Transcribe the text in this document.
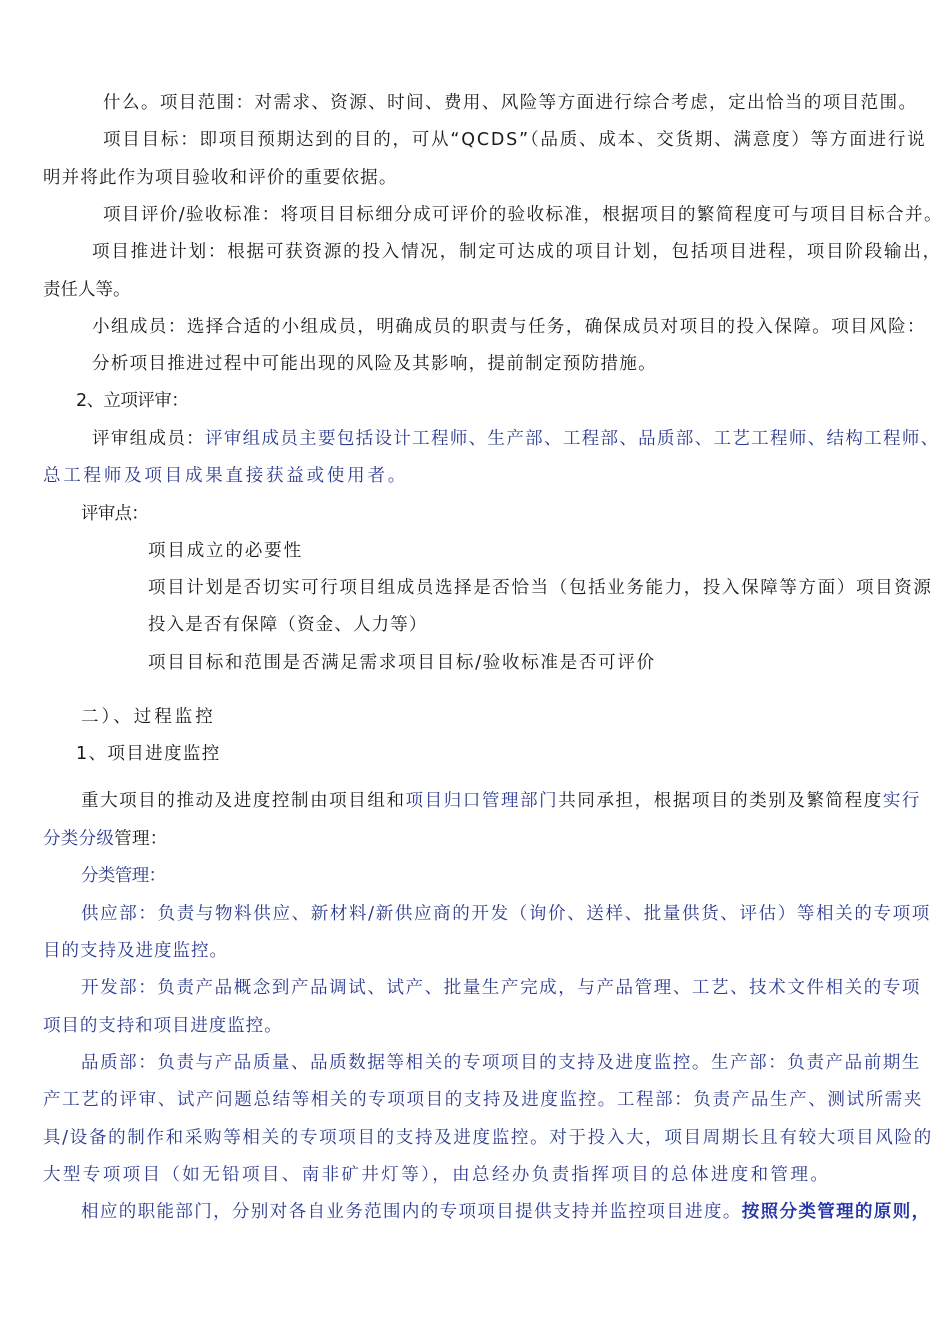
什么。项目范围：对需求、资源、时间、费用、风险等方面进行综合考虑，定出恰当的项目范围。
项目目标：即项目预期达到的目的，可从“QCDS”（品质、成本、交货期、满意度）等方面进行说
明并将此作为项目验收和评价的重要依据。
项目评价/验收标准：将项目目标细分成可评价的验收标准，根据项目的繁简程度可与项目目标合并。
项目推进计划：根据可获资源的投入情况，制定可达成的项目计划，包括项目进程，项目阶段输出，
责任人等。
小组成员：选择合适的小组成员，明确成员的职责与任务，确保成员对项目的投入保障。项目风险：
分析项目推进过程中可能出现的风险及其影响，提前制定预防措施。
2、立项评审：
评审组成员：评审组成员主要包括设计工程师、生产部、工程部、品质部、工艺工程师、结构工程师、
总工程师及项目成果直接获益或使用者。
评审点：
项目成立的必要性
项目计划是否切实可行项目组成员选择是否恰当（包括业务能力，投入保障等方面）项目资源
投入是否有保障（资金、人力等）
项目目标和范围是否满足需求项目目标/验收标准是否可评价
二）、过程监控
1、项目进度监控
重大项目的推动及进度控制由项目组和项目归口管理部门共同承担，根据项目的类别及繁简程度实行
分类分级管理：
分类管理：
供应部：负责与物料供应、新材料/新供应商的开发（询价、送样、批量供货、评估）等相关的专项项
目的支持及进度监控。
开发部：负责产品概念到产品调试、试产、批量生产完成，与产品管理、工艺、技术文件相关的专项
项目的支持和项目进度监控。
品质部：负责与产品质量、品质数据等相关的专项项目的支持及进度监控。生产部：负责产品前期生
产工艺的评审、试产问题总结等相关的专项项目的支持及进度监控。工程部：负责产品生产、测试所需夹
具/设备的制作和采购等相关的专项项目的支持及进度监控。对于投入大，项目周期长且有较大项目风险的
大型专项项目（如无铅项目、南非矿井灯等），由总经办负责指挥项目的总体进度和管理。
相应的职能部门，分别对各自业务范围内的专项项目提供支持并监控项目进度。按照分类管理的原则，
